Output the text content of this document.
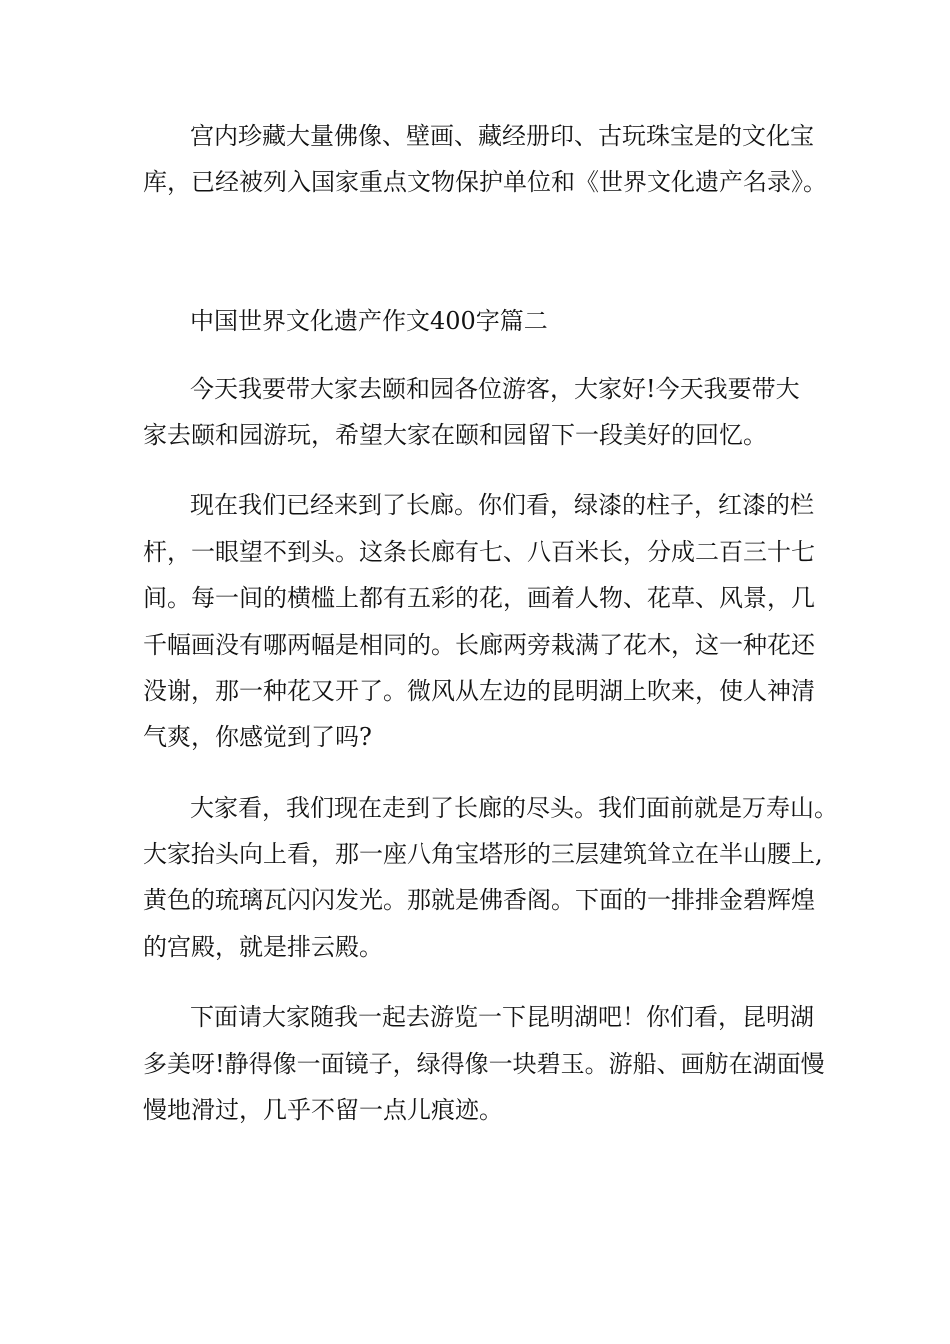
宫内珍藏大量佛像、壁画、藏经册印、古玩珠宝是的文化宝
库，已经被列入国家重点文物保护单位和《世界文化遗产名录》。
中国世界文化遗产作文400字篇二
今天我要带大家去颐和园各位游客，大家好!今天我要带大
家去颐和园游玩，希望大家在颐和园留下一段美好的回忆。
现在我们已经来到了长廊。你们看，绿漆的柱子，红漆的栏
杆，一眼望不到头。这条长廊有七、八百米长，分成二百三十七
间。每一间的横槛上都有五彩的花，画着人物、花草、风景，几
千幅画没有哪两幅是相同的。长廊两旁栽满了花木，这一种花还
没谢，那一种花又开了。微风从左边的昆明湖上吹来，使人神清
气爽，你感觉到了吗?
大家看，我们现在走到了长廊的尽头。我们面前就是万寿山。
大家抬头向上看，那一座八角宝塔形的三层建筑耸立在半山腰上,
黄色的琉璃瓦闪闪发光。那就是佛香阁。下面的一排排金碧辉煌
的宫殿，就是排云殿。
下面请大家随我一起去游览一下昆明湖吧！你们看，昆明湖
多美呀!静得像一面镜子，绿得像一块碧玉。游船、画舫在湖面慢
慢地滑过，几乎不留一点儿痕迹。
